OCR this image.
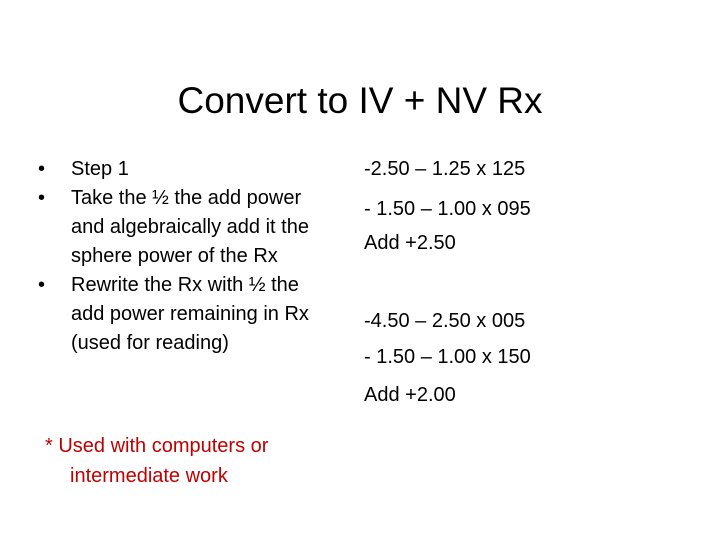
Convert to IV + NV Rx
• Step 1
• Take the ½ the add power
and algebraically add it the
sphere power of the Rx
• Rewrite the Rx with ½ the
add power remaining in Rx
(used for reading)
-2.50 – 1.25 x 125
- 1.50 – 1.00 x 095
Add +2.50
-4.50 – 2.50 x 005
- 1.50 – 1.00 x 150
Add +2.00
* Used with computers or
intermediate work
